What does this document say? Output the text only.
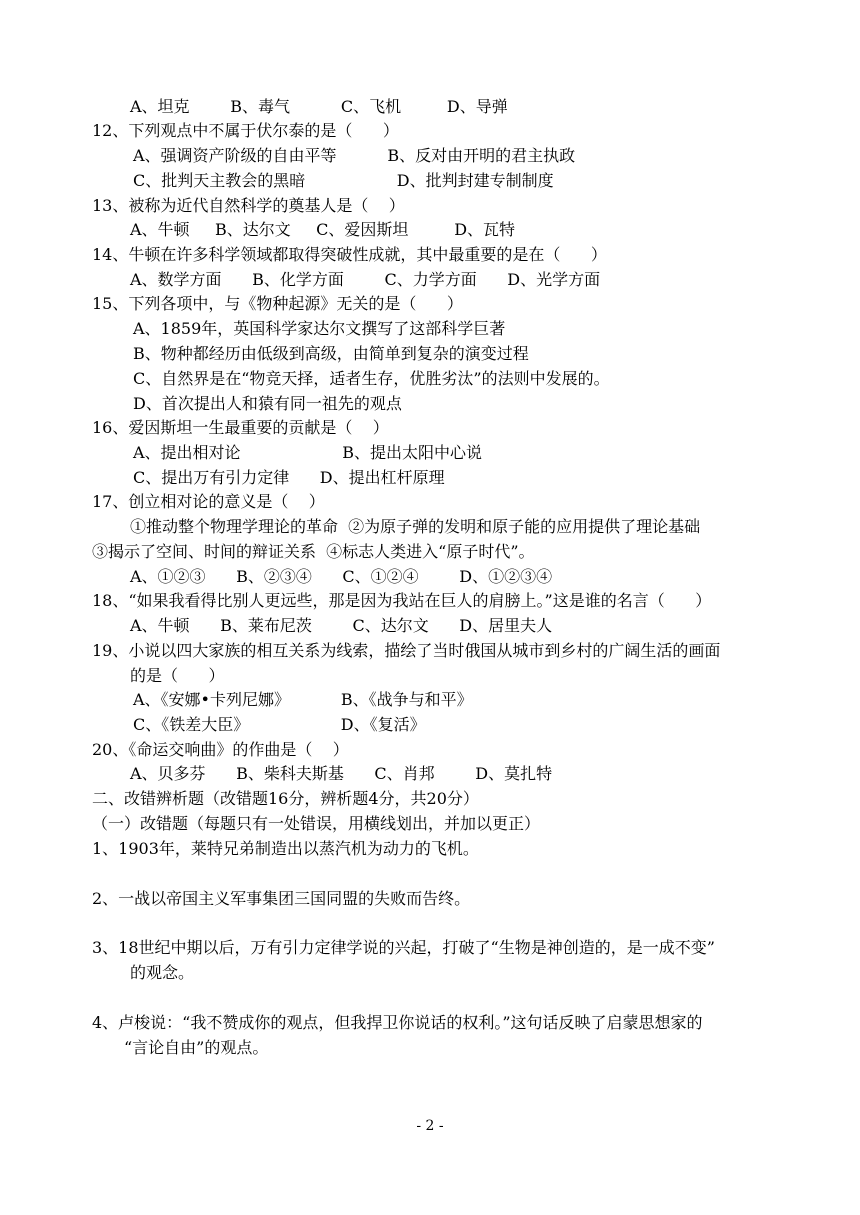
A、坦克        B、毒气          C、飞机         D、导弹
12、下列观点中不属于伏尔泰的是（      ）
A、强调资产阶级的自由平等          B、反对由开明的君主执政
C、批判天主教会的黑暗                  D、批判封建专制制度
13、被称为近代自然科学的奠基人是（    ）
A、牛顿     B、达尔文     C、爱因斯坦         D、瓦特
14、牛顿在许多科学领域都取得突破性成就，其中最重要的是在（      ）
A、数学方面      B、化学方面        C、力学方面      D、光学方面
15、下列各项中，与《物种起源》无关的是（      ）
A、1859年，英国科学家达尔文撰写了这部科学巨著
B、物种都经历由低级到高级，由简单到复杂的演变过程
C、自然界是在“物竞天择，适者生存，优胜劣汰”的法则中发展的。
D、首次提出人和猿有同一祖先的观点
16、爱因斯坦一生最重要的贡献是（    ）
A、提出相对论                    B、提出太阳中心说
C、提出万有引力定律      D、提出杠杆原理
17、创立相对论的意义是（    ）
①推动整个物理学理论的革命  ②为原子弹的发明和原子能的应用提供了理论基础
③揭示了空间、时间的辩证关系  ④标志人类进入“原子时代”。
A、①②③      B、②③④      C、①②④        D、①②③④
18、“如果我看得比别人更远些，那是因为我站在巨人的肩膀上。”这是谁的名言（      ）
A、牛顿      B、莱布尼茨        C、达尔文      D、居里夫人
19、小说以四大家族的相互关系为线索，描绘了当时俄国从城市到乡村的广阔生活的画面
的是（      ）
A、《安娜•卡列尼娜》          B、《战争与和平》
C、《铁差大臣》                  D、《复活》
20、《命运交响曲》的作曲是（    ）
A、贝多芬      B、柴科夫斯基      C、肖邦        D、莫扎特
二、改错辨析题（改错题16分，辨析题4分，共20分）
（一）改错题（每题只有一处错误，用横线划出，并加以更正）
1、1903年，莱特兄弟制造出以蒸汽机为动力的飞机。
2、一战以帝国主义军事集团三国同盟的失败而告终。
3、18世纪中期以后，万有引力定律学说的兴起，打破了“生物是神创造的，是一成不变”
的观念。
4、卢梭说：“我不赞成你的观点，但我捍卫你说话的权利。”这句话反映了启蒙思想家的
“言论自由”的观点。
- 2 -
